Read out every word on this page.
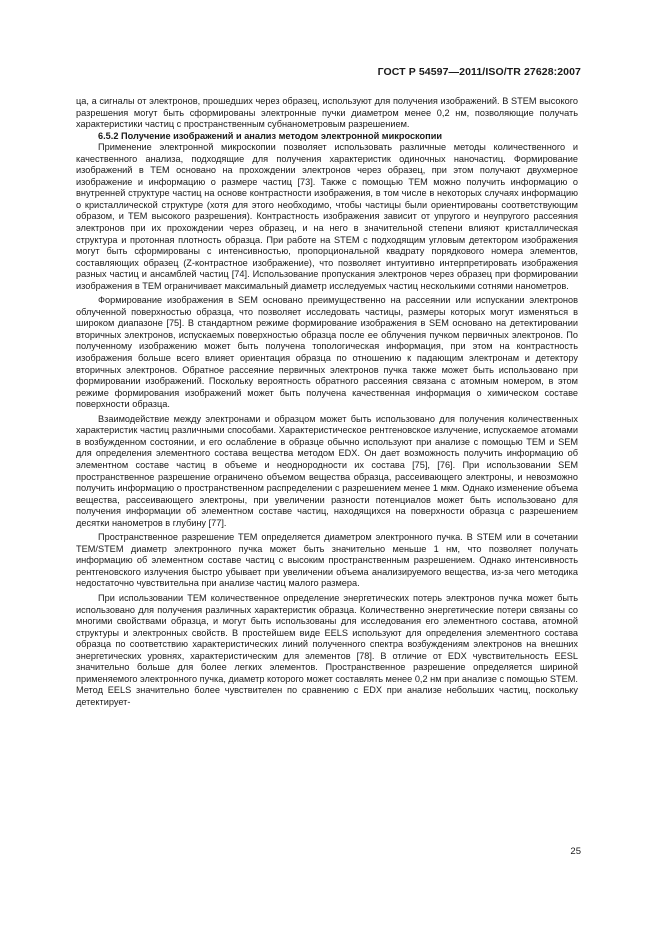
ГОСТ Р 54597—2011/ISO/TR 27628:2007

ца, а сигналы от электронов, прошедших через образец, используют для получения изображений. В STEM высокого разрешения могут быть сформированы электронные пучки диаметром менее 0,2 нм, позволяющие получать характеристики частиц с пространственным субнанометровым разрешением.

6.5.2 Получение изображений и анализ методом электронной микроскопии

Применение электронной микроскопии позволяет использовать различные методы количественного и качественного анализа, подходящие для получения характеристик одиночных наночастиц. Формирование изображений в ТЕМ основано на прохождении электронов через образец, при этом получают двухмерное изображение и информацию о размере частиц [73]. Также с помощью ТЕМ можно получить информацию о внутренней структуре частиц на основе контрастности изображения, в том числе в некоторых случаях информацию о кристаллической структуре (хотя для этого необходимо, чтобы частицы были ориентированы соответствующим образом, и ТЕМ высокого разрешения). Контрастность изображения зависит от упругого и неупругого рассеяния электронов при их прохождении через образец, и на него в значительной степени влияют кристаллическая структура и протонная плотность образца. При работе на STEM с подходящим угловым детектором изображения могут быть сформированы с интенсивностью, пропорциональной квадрату порядкового номера элементов, составляющих образец (Z-контрастное изображение), что позволяет интуитивно интерпретировать изображения разных частиц и ансамблей частиц [74]. Использование пропускания электронов через образец при формировании изображения в ТЕМ ограничивает максимальный диаметр исследуемых частиц несколькими сотнями нанометров.

Формирование изображения в SEM основано преимущественно на рассеянии или испускании электронов облученной поверхностью образца, что позволяет исследовать частицы, размеры которых могут изменяться в широком диапазоне [75]. В стандартном режиме формирование изображения в SEM основано на детектировании вторичных электронов, испускаемых поверхностью образца после ее облучения пучком первичных электронов. По полученному изображению может быть получена топологическая информация, при этом на контрастность изображения больше всего влияет ориентация образца по отношению к падающим электронам и детектору вторичных электронов. Обратное рассеяние первичных электронов пучка также может быть использовано при формировании изображений. Поскольку вероятность обратного рассеяния связана с атомным номером, в этом режиме формирования изображений может быть получена качественная информация о химическом составе поверхности образца.

Взаимодействие между электронами и образцом может быть использовано для получения количественных характеристик частиц различными способами. Характеристическое рентгеновское излучение, испускаемое атомами в возбужденном состоянии, и его ослабление в образце обычно используют при анализе с помощью ТЕМ и SEM для определения элементного состава вещества методом EDX. Он дает возможность получить информацию об элементном составе частиц в объеме и неоднородности их состава [75], [76]. При использовании SEM пространственное разрешение ограничено объемом вещества образца, рассеивающего электроны, и невозможно получить информацию о пространственном распределении с разрешением менее 1 мкм. Однако изменение объема вещества, рассеивающего электроны, при увеличении разности потенциалов может быть использовано для получения информации об элементном составе частиц, находящихся на поверхности образца с разрешением десятки нанометров в глубину [77].

Пространственное разрешение ТЕМ определяется диаметром электронного пучка. В STEM или в сочетании TEM/STEM диаметр электронного пучка может быть значительно меньше 1 нм, что позволяет получать информацию об элементном составе частиц с высоким пространственным разрешением. Однако интенсивность рентгеновского излучения быстро убывает при увеличении объема анализируемого вещества, из-за чего методика недостаточно чувствительна при анализе частиц малого размера.

При использовании ТЕМ количественное определение энергетических потерь электронов пучка может быть использовано для получения различных характеристик образца. Количественно энергетические потери связаны со многими свойствами образца, и могут быть использованы для исследования его элементного состава, атомной структуры и электронных свойств. В простейшем виде EELS используют для определения элементного состава образца по соответствию характеристических линий полученного спектра возбуждениям электронов на внешних энергетических уровнях, характеристическим для элементов [78]. В отличие от EDX чувствительность EESL значительно больше для более легких элементов. Пространственное разрешение определяется шириной применяемого электронного пучка, диаметр которого может составлять менее 0,2 нм при анализе с помощью STEM. Метод EELS значительно более чувствителен по сравнению с EDX при анализе небольших частиц, поскольку детектирует-

25
